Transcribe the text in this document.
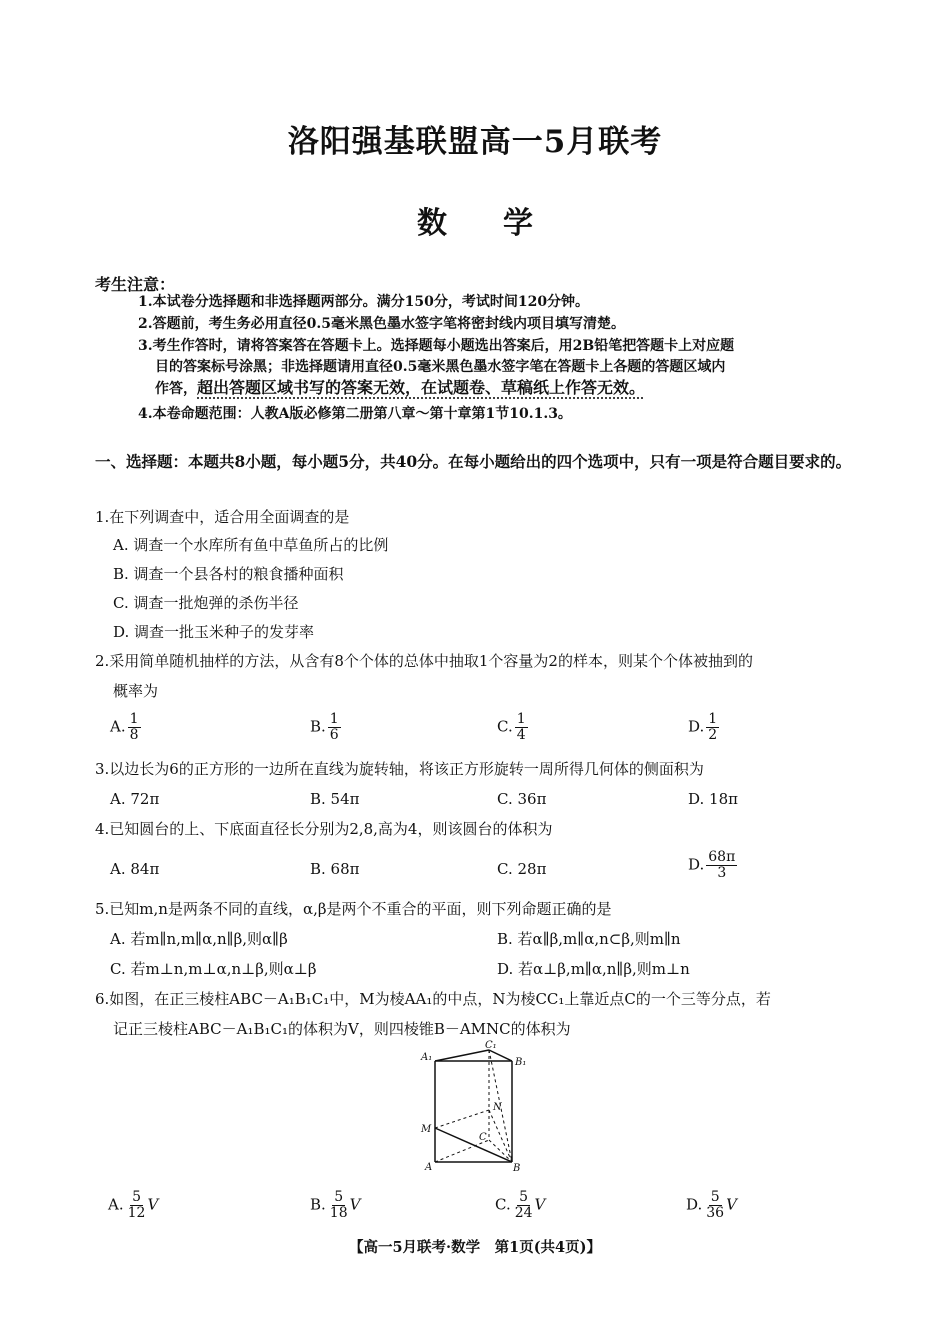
洛阳强基联盟高一5月联考
数 学
考生注意：
1.本试卷分选择题和非选择题两部分。满分150分，考试时间120分钟。
2.答题前，考生务必用直径0.5毫米黑色墨水签字笔将密封线内项目填写清楚。
3.考生作答时，请将答案答在答题卡上。选择题每小题选出答案后，用2B铅笔把答题卡上对应题
目的答案标号涂黑；非选择题请用直径0.5毫米黑色墨水签字笔在答题卡上各题的答题区域内
作答，超出答题区域书写的答案无效，在试题卷、草稿纸上作答无效。
4.本卷命题范围：人教A版必修第二册第八章～第十章第1节10.1.3。
一、选择题：本题共8小题，每小题5分，共40分。在每小题给出的四个选项中，只有一项是符合题目要求的。
1.在下列调查中，适合用全面调查的是
A. 调查一个水库所有鱼中草鱼所占的比例
B. 调查一个县各村的粮食播种面积
C. 调查一批炮弹的杀伤半径
D. 调查一批玉米种子的发芽率
2.采用简单随机抽样的方法，从含有8个个体的总体中抽取1个容量为2的样本，则某个个体被抽到的
概率为
A. $\frac{1}{8}$	B. $\frac{1}{6}$	C. $\frac{1}{4}$	D. $\frac{1}{2}$
3.以边长为6的正方形的一边所在直线为旋转轴，将该正方形旋转一周所得几何体的侧面积为
A. 72π	B. 54π	C. 36π	D. 18π
4.已知圆台的上、下底面直径长分别为2,8,高为4，则该圆台的体积为
A. 84π	B. 68π	C. 28π	D. $\frac{68\pi}{3}$
5.已知m,n是两条不同的直线，α,β是两个不重合的平面，则下列命题正确的是
A. 若m∥n,m∥α,n∥β,则α∥β	B. 若α∥β,m∥α,n⊂β,则m∥n
C. 若m⊥n,m⊥α,n⊥β,则α⊥β	D. 若α⊥β,m∥α,n∥β,则m⊥n
6.如图，在正三棱柱ABC－A₁B₁C₁中，M为棱AA₁的中点，N为棱CC₁上靠近点C的一个三等分点，若
记正三棱柱ABC－A₁B₁C₁的体积为V，则四棱锥B－AMNC的体积为
C₁
A₁	B₁
N
M
C
A	B
A. $\frac{5}{12}$ V	B. $\frac{5}{18}$ V	C. $\frac{5}{24}$ V	D. $\frac{5}{36}$ V
【高一5月联考·数学　第1页(共4页)】
